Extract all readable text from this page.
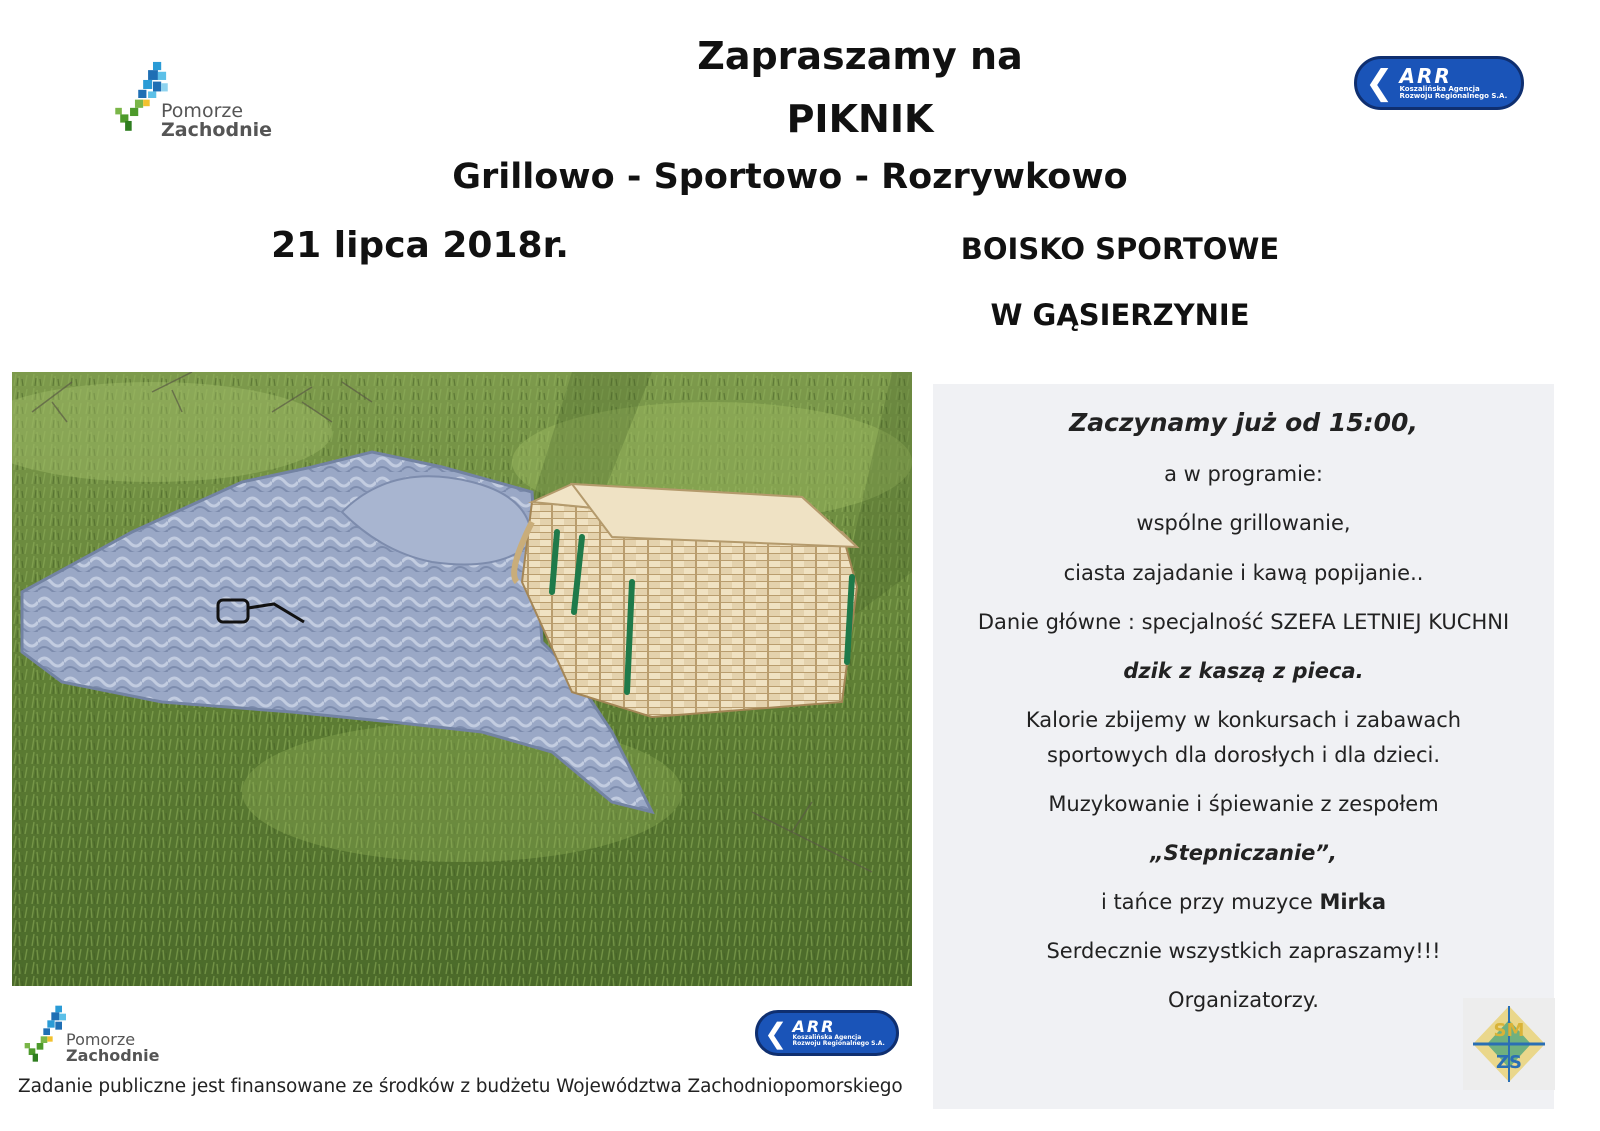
Zapraszamy na
PIKNIK
Grillowo - Sportowo - Rozrywkowo
21 lipca 2018r.	BOISKO SPORTOWE
W GĄSIERZYNIE
Pomorze
Zachodnie
❮ ARR
Koszalińska Agencja
Rozwoju Regionalnego S.A.
Zaczynamy już od 15:00,
a w programie:
wspólne grillowanie,
ciasta zajadanie i kawą popijanie..
Danie główne : specjalność SZEFA LETNIEJ KUCHNI
dzik z kaszą z pieca.
Kalorie zbijemy w konkursach i zabawach
sportowych dla dorosłych i dla dzieci.
Muzykowanie i śpiewanie z zespołem
„Stepniczanie”,
i tańce przy muzyce Mirka
Serdecznie wszystkich zapraszamy!!!
Organizatorzy.
SM
ZS
Pomorze
Zachodnie
❮ ARR
Koszalińska Agencja
Rozwoju Regionalnego S.A.
Zadanie publiczne jest finansowane ze środków z budżetu Województwa Zachodniopomorskiego
